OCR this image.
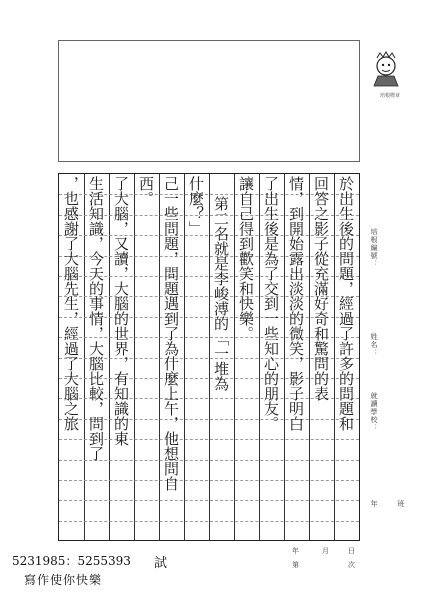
培根標章
培根編號：
姓名：
就讀學校：
年	班
於出生後的問題，經過了許多的問題和
回答之影子從充滿好奇和驚問的表
情，到開始露出淡淡的微笑，影子明白
了出生後是為了交到一些知心的朋友。
讓自己得到歡笑和快樂。
第二名就是李峻溥的「一堆為
什麼？」
己一些問題，問題遇到了為什麼上午，他想問自
西。
了大腦，又讀，大腦的世界，有知識的東
生活知識，今天的事情，大腦比較，問到了
，也感謝了大腦先生，經過了大腦之旅
年	月	日
第	次
5231985：5255393 試
寫作使你快樂
